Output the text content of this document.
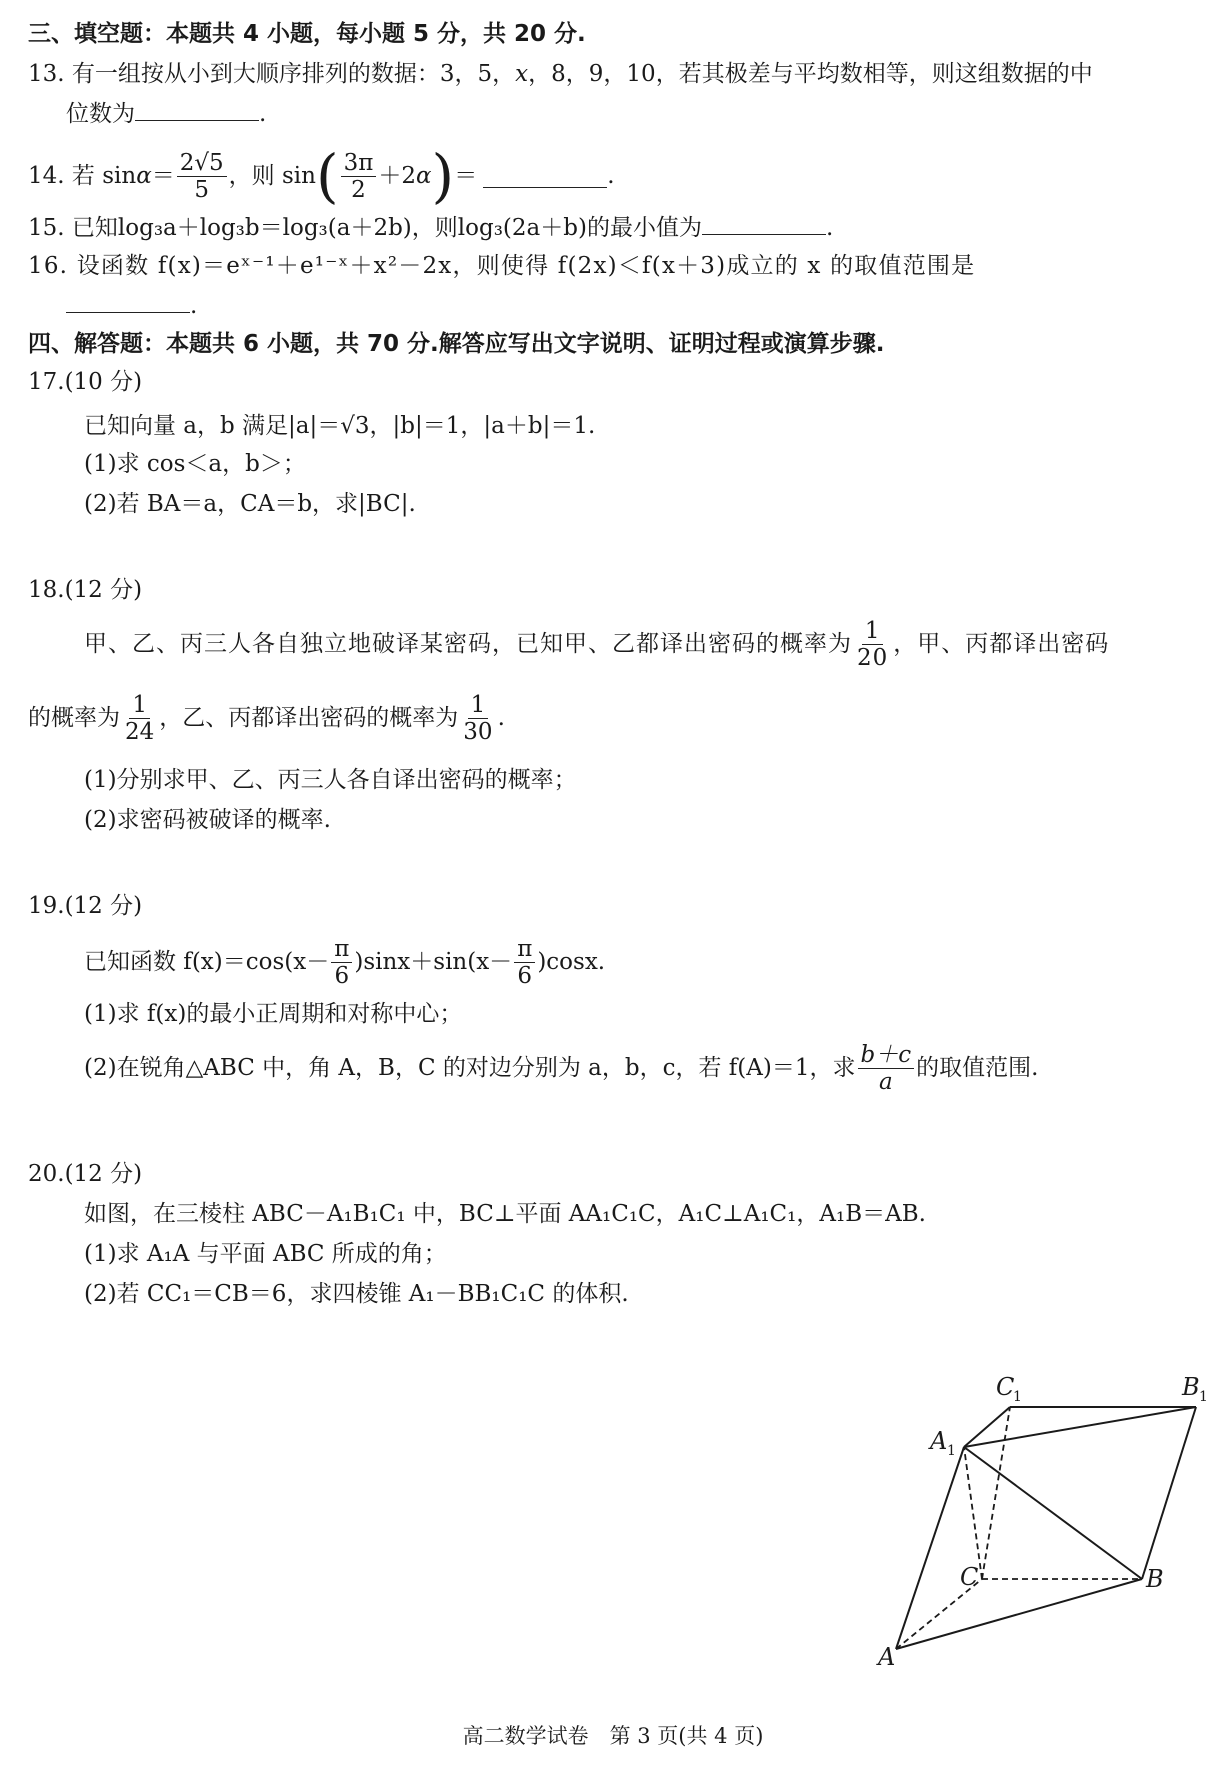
三、填空题：本题共 4 小题，每小题 5 分，共 20 分.
13. 有一组按从小到大顺序排列的数据：3，5，x，8，9，10，若其极差与平均数相等，则这组数据的中
位数为	.
14.
若 $\sin \alpha = \frac{2√5}{5}$ ，则 sin ( $\frac{3\pi}{2} +2$ α ) ＝	.
15. 已知log₃a＋log₃b＝log₃(a＋2b)，则log₃(2a＋b)的最小值为	.
16. 设函数 f(x)＝eˣ⁻¹＋e¹⁻ˣ＋x²－2x，则使得 f(2x)＜f(x＋3)成立的 x 的取值范围是
.
四、解答题：本题共 6 小题，共 70 分.解答应写出文字说明、证明过程或演算步骤.
17.(10 分)
已知向量 a，b 满足|a|＝√3，|b|＝1，|a＋b|＝1.
(1)求 cos＜a，b＞；
(2)若 BA＝a，CA＝b，求|BC|.
18.(12 分)
甲、乙、丙三人各自独立地破译某密码，已知甲、乙都译出密码的概率为 $\frac{1}{20}$ ，甲、丙都译出密码
的概率为 $\frac{1}{24}$ ，乙、丙都译出密码的概率为 $\frac{1}{30}$ .
(1)分别求甲、乙、丙三人各自译出密码的概率；
(2)求密码被破译的概率.
19.(12 分)
已知函数 $f(x)=\cos(x- \frac{\pi}{6} )\sin x+\sin(x- \frac{\pi}{6} )\cos x$.
(1)求 f(x)的最小正周期和对称中心；
(2)在锐角△ABC 中，角 A，B，C 的对边分别为 a，b，c，若 f(A)＝1，求 $\frac{b+c}{a}$ 的取值范围.
20.(12 分)
如图，在三棱柱 ABC－A₁B₁C₁ 中，BC⊥平面 AA₁C₁C，A₁C⊥A₁C₁，A₁B＝AB.
(1)求 A₁A 与平面 ABC 所成的角；
(2)若 CC₁＝CB＝6，求四棱锥 A₁－BB₁C₁C 的体积.
A
B
C
A 1
C
1	B 1
高二数学试卷　第 3 页(共 4 页)
